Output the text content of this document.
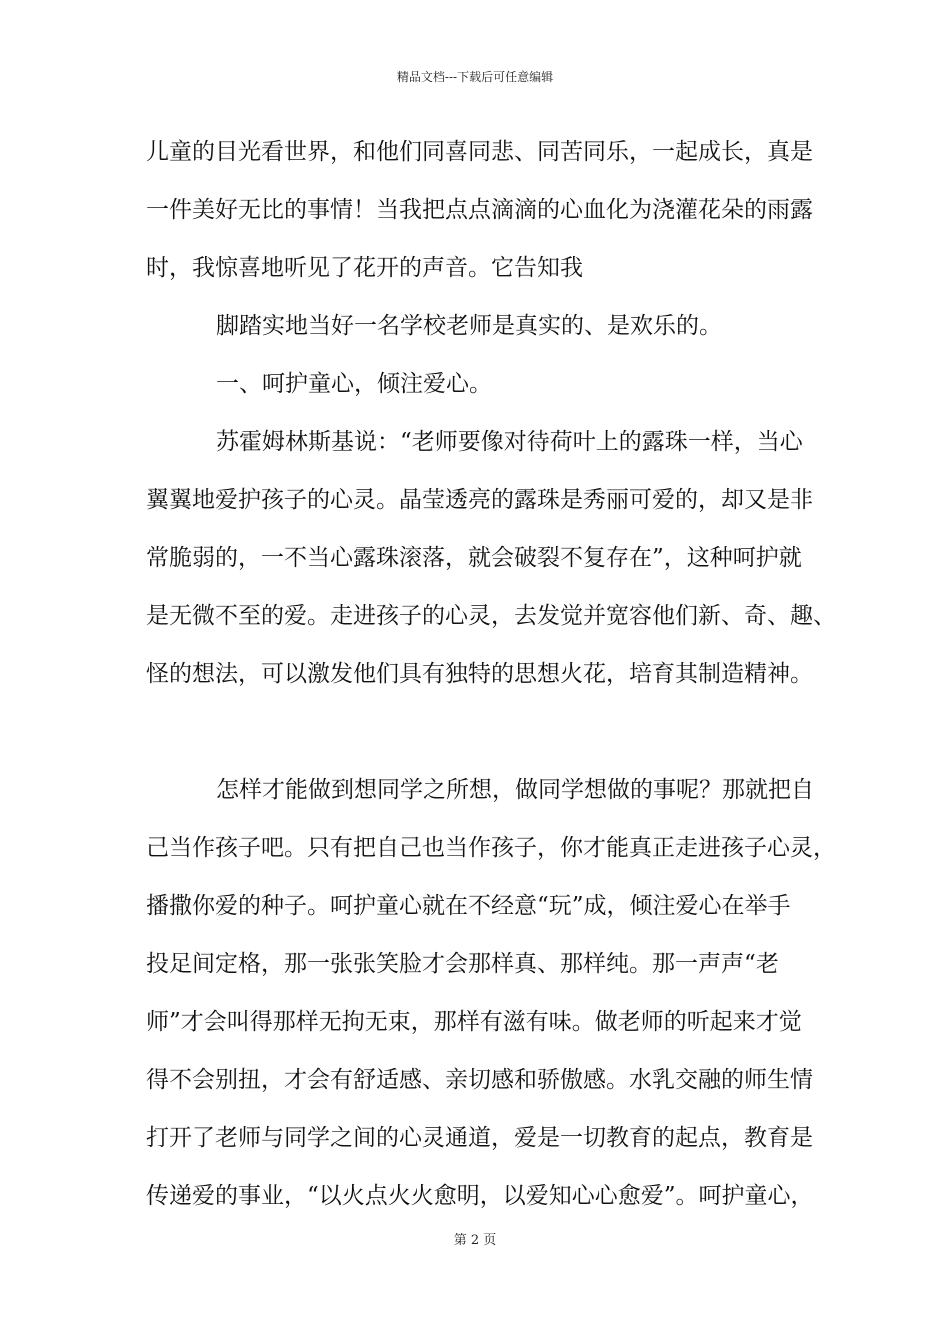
精品文档---下载后可任意编辑
儿童的目光看世界，和他们同喜同悲、同苦同乐，一起成长，真是
一件美好无比的事情！当我把点点滴滴的心血化为浇灌花朵的雨露
时，我惊喜地听见了花开的声音。它告知我
脚踏实地当好一名学校老师是真实的、是欢乐的。
一、呵护童心，倾注爱心。
苏霍姆林斯基说：“老师要像对待荷叶上的露珠一样，当心
翼翼地爱护孩子的心灵。晶莹透亮的露珠是秀丽可爱的，却又是非
常脆弱的，一不当心露珠滚落，就会破裂不复存在”，这种呵护就
是无微不至的爱。走进孩子的心灵，去发觉并宽容他们新、奇、趣、
怪的想法，可以激发他们具有独特的思想火花，培育其制造精神。
怎样才能做到想同学之所想，做同学想做的事呢？那就把自
己当作孩子吧。只有把自己也当作孩子，你才能真正走进孩子心灵，
播撒你爱的种子。呵护童心就在不经意“玩”成，倾注爱心在举手
投足间定格，那一张张笑脸才会那样真、那样纯。那一声声“老
师”才会叫得那样无拘无束，那样有滋有味。做老师的听起来才觉
得不会别扭，才会有舒适感、亲切感和骄傲感。水乳交融的师生情
打开了老师与同学之间的心灵通道，爱是一切教育的起点，教育是
传递爱的事业，“以火点火火愈明，以爱知心心愈爱”。呵护童心，
第 2 页
